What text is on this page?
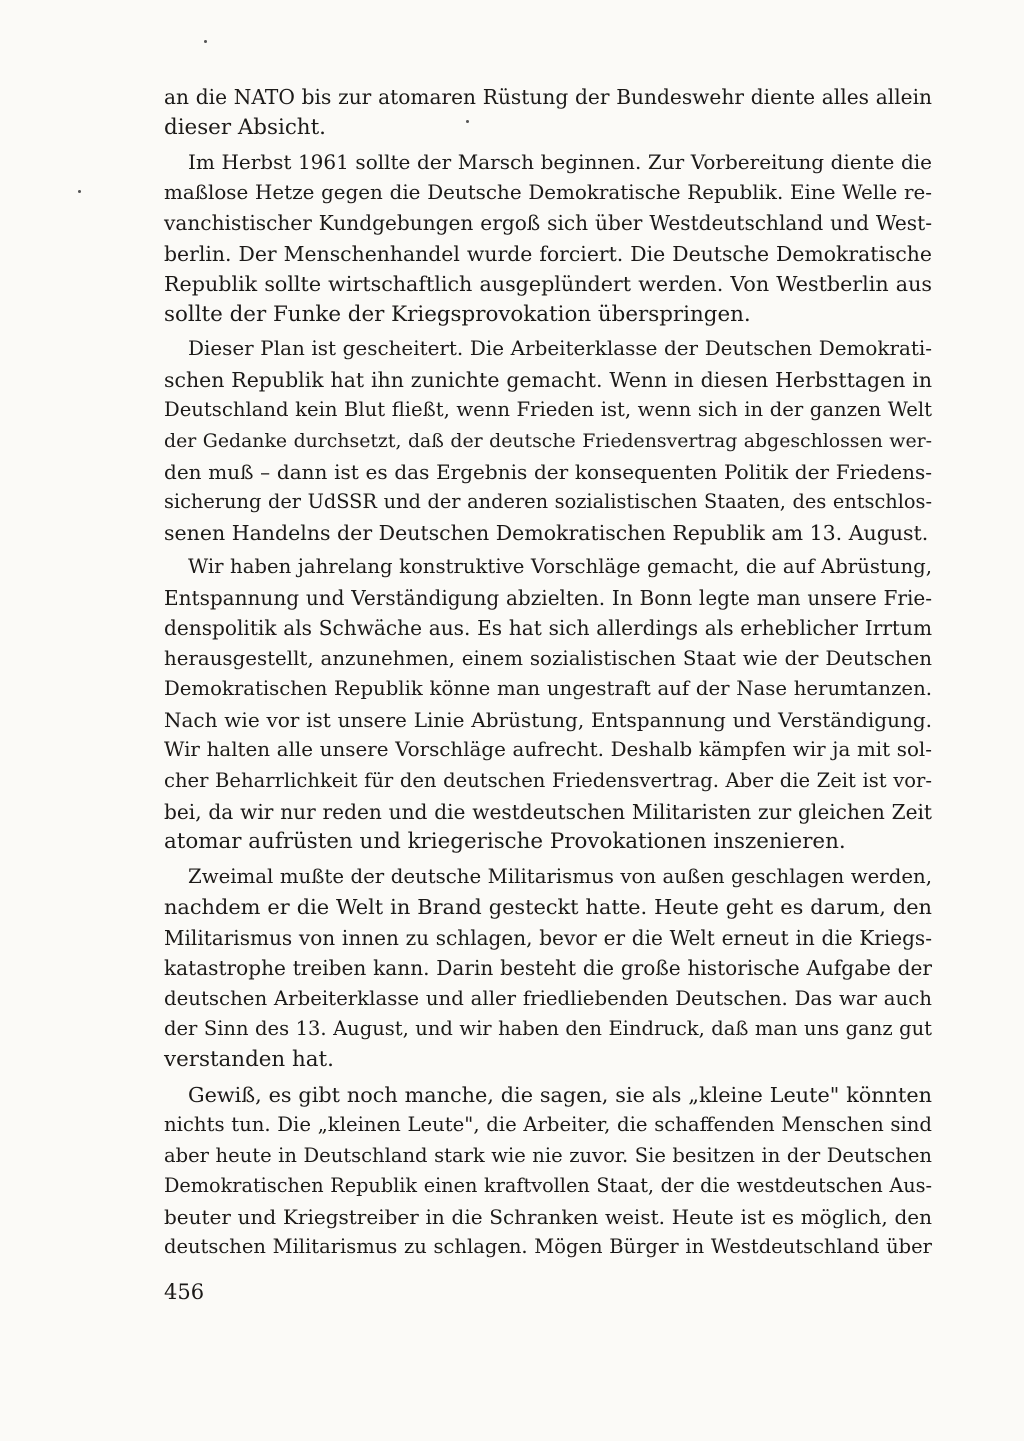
an die NATO bis zur atomaren Rüstung der Bundeswehr diente alles allein
dieser Absicht.
Im Herbst 1961 sollte der Marsch beginnen. Zur Vorbereitung diente die
maßlose Hetze gegen die Deutsche Demokratische Republik. Eine Welle re-
vanchistischer Kundgebungen ergoß sich über Westdeutschland und West-
berlin. Der Menschenhandel wurde forciert. Die Deutsche Demokratische
Republik sollte wirtschaftlich ausgeplündert werden. Von Westberlin aus
sollte der Funke der Kriegsprovokation überspringen.
Dieser Plan ist gescheitert. Die Arbeiterklasse der Deutschen Demokrati-
schen Republik hat ihn zunichte gemacht. Wenn in diesen Herbsttagen in
Deutschland kein Blut fließt, wenn Frieden ist, wenn sich in der ganzen Welt
der Gedanke durchsetzt, daß der deutsche Friedensvertrag abgeschlossen wer-
den muß – dann ist es das Ergebnis der konsequenten Politik der Friedens-
sicherung der UdSSR und der anderen sozialistischen Staaten, des entschlos-
senen Handelns der Deutschen Demokratischen Republik am 13. August.
Wir haben jahrelang konstruktive Vorschläge gemacht, die auf Abrüstung,
Entspannung und Verständigung abzielten. In Bonn legte man unsere Frie-
denspolitik als Schwäche aus. Es hat sich allerdings als erheblicher Irrtum
herausgestellt, anzunehmen, einem sozialistischen Staat wie der Deutschen
Demokratischen Republik könne man ungestraft auf der Nase herumtanzen.
Nach wie vor ist unsere Linie Abrüstung, Entspannung und Verständigung.
Wir halten alle unsere Vorschläge aufrecht. Deshalb kämpfen wir ja mit sol-
cher Beharrlichkeit für den deutschen Friedensvertrag. Aber die Zeit ist vor-
bei, da wir nur reden und die westdeutschen Militaristen zur gleichen Zeit
atomar aufrüsten und kriegerische Provokationen inszenieren.
Zweimal mußte der deutsche Militarismus von außen geschlagen werden,
nachdem er die Welt in Brand gesteckt hatte. Heute geht es darum, den
Militarismus von innen zu schlagen, bevor er die Welt erneut in die Kriegs-
katastrophe treiben kann. Darin besteht die große historische Aufgabe der
deutschen Arbeiterklasse und aller friedliebenden Deutschen. Das war auch
der Sinn des 13. August, und wir haben den Eindruck, daß man uns ganz gut
verstanden hat.
Gewiß, es gibt noch manche, die sagen, sie als „kleine Leute" könnten
nichts tun. Die „kleinen Leute", die Arbeiter, die schaffenden Menschen sind
aber heute in Deutschland stark wie nie zuvor. Sie besitzen in der Deutschen
Demokratischen Republik einen kraftvollen Staat, der die westdeutschen Aus-
beuter und Kriegstreiber in die Schranken weist. Heute ist es möglich, den
deutschen Militarismus zu schlagen. Mögen Bürger in Westdeutschland über
456
